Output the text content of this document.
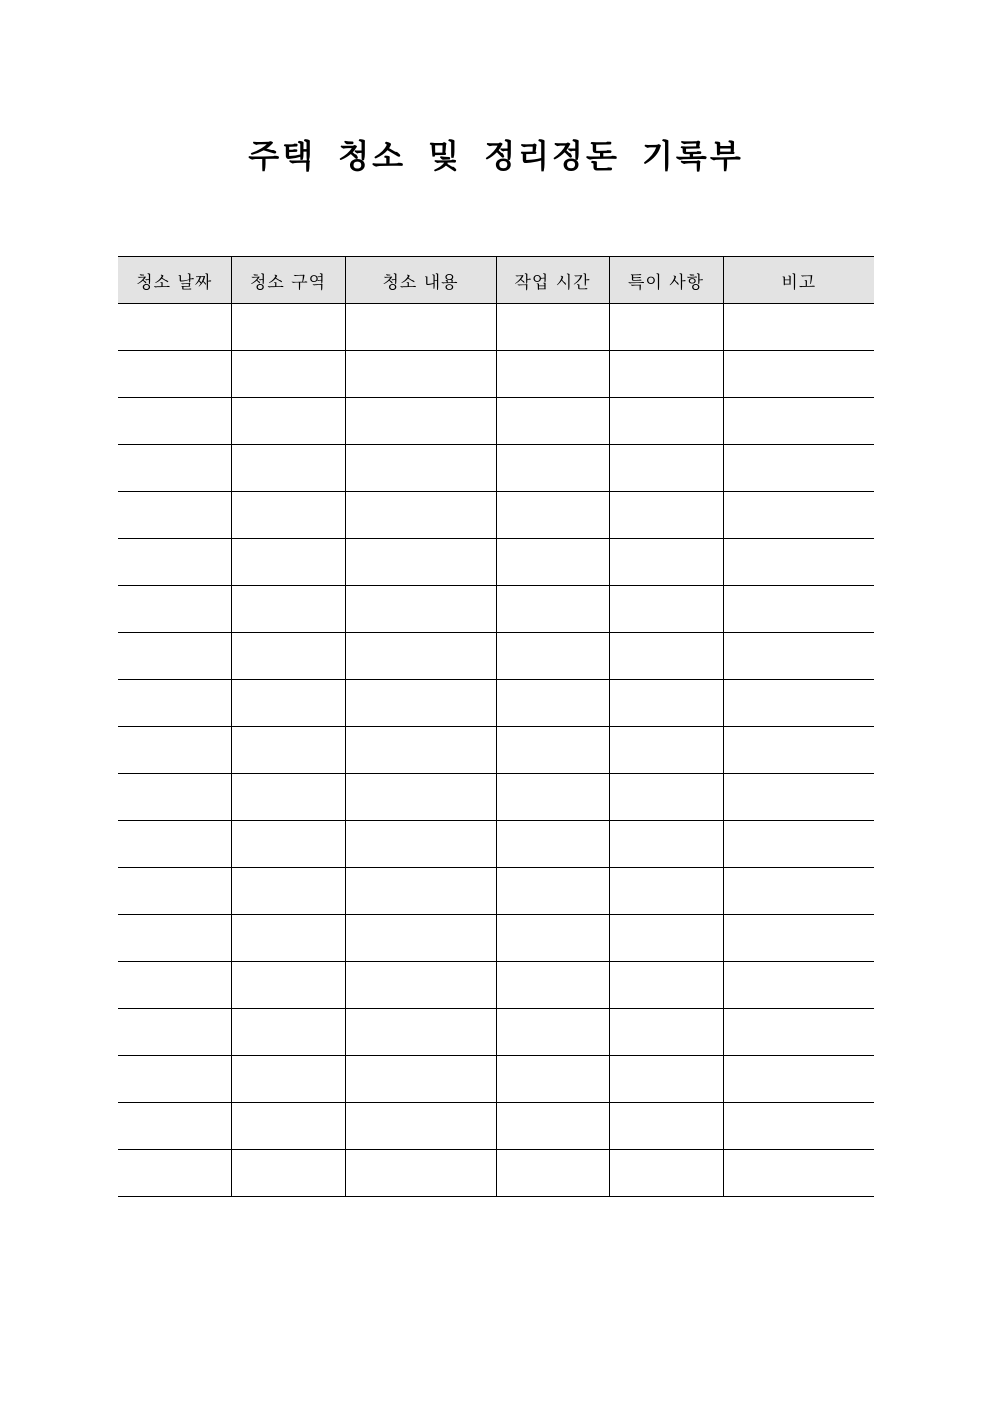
주택 청소 및 정리정돈 기록부
청소 날짜	청소 구역	청소 내용	작업 시간	특이 사항	비고
